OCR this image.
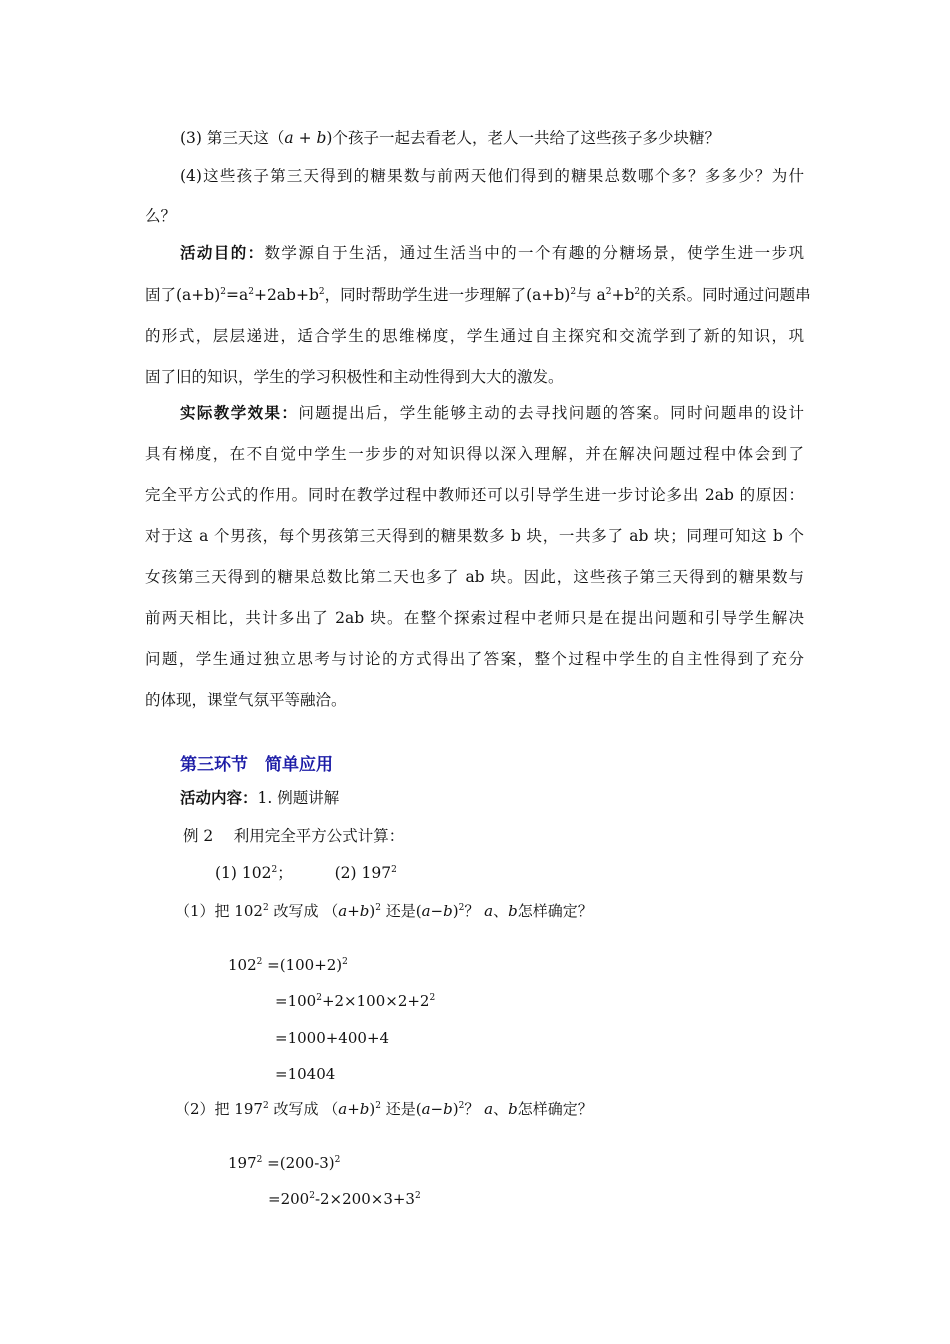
(3) 第三天这（a + b)个孩子一起去看老人，老人一共给了这些孩子多少块糖？
(4)这些孩子第三天得到的糖果数与前两天他们得到的糖果总数哪个多？多多少？为什
么？
活动目的：数学源自于生活，通过生活当中的一个有趣的分糖场景，使学生进一步巩
固了$(a+b)^2=a^2+2ab+b^2$，同时帮助学生进一步理解了$(a+b)^2$与 $a^2+b^2$的关系。同时通过问题串
的形式，层层递进，适合学生的思维梯度，学生通过自主探究和交流学到了新的知识，巩
固了旧的知识，学生的学习积极性和主动性得到大大的激发。
实际教学效果：问题提出后，学生能够主动的去寻找问题的答案。同时问题串的设计
具有梯度，在不自觉中学生一步步的对知识得以深入理解，并在解决问题过程中体会到了
完全平方公式的作用。同时在教学过程中教师还可以引导学生进一步讨论多出 2ab 的原因：
对于这 a 个男孩，每个男孩第三天得到的糖果数多 b 块，一共多了 ab 块；同理可知这 b 个
女孩第三天得到的糖果总数比第二天也多了 ab 块。因此，这些孩子第三天得到的糖果数与
前两天相比，共计多出了 2ab 块。在整个探索过程中老师只是在提出问题和引导学生解决
问题，学生通过独立思考与讨论的方式得出了答案，整个过程中学生的自主性得到了充分
的体现，课堂气氛平等融洽。
第三环节　简单应用
活动内容：1. 例题讲解
例 2　 利用完全平方公式计算：
(1) $102^2$；	(2) $197^2$
（1）把 $102^2$ 改写成 （a+b)$^2$ 还是$(a-b)^2$？ a、b怎样确定？
$102^2 =(100+2)^2$
$=100^2+2\times 100\times 2+2^2$
=1000+400+4
=10404
（2）把 $197^2$ 改写成 （a+b)$^2$ 还是$(a-b)^2$？ a、b怎样确定？
$197^2 =(200-3)^2$
$=200^2-2\times 200\times 3+3^2$
